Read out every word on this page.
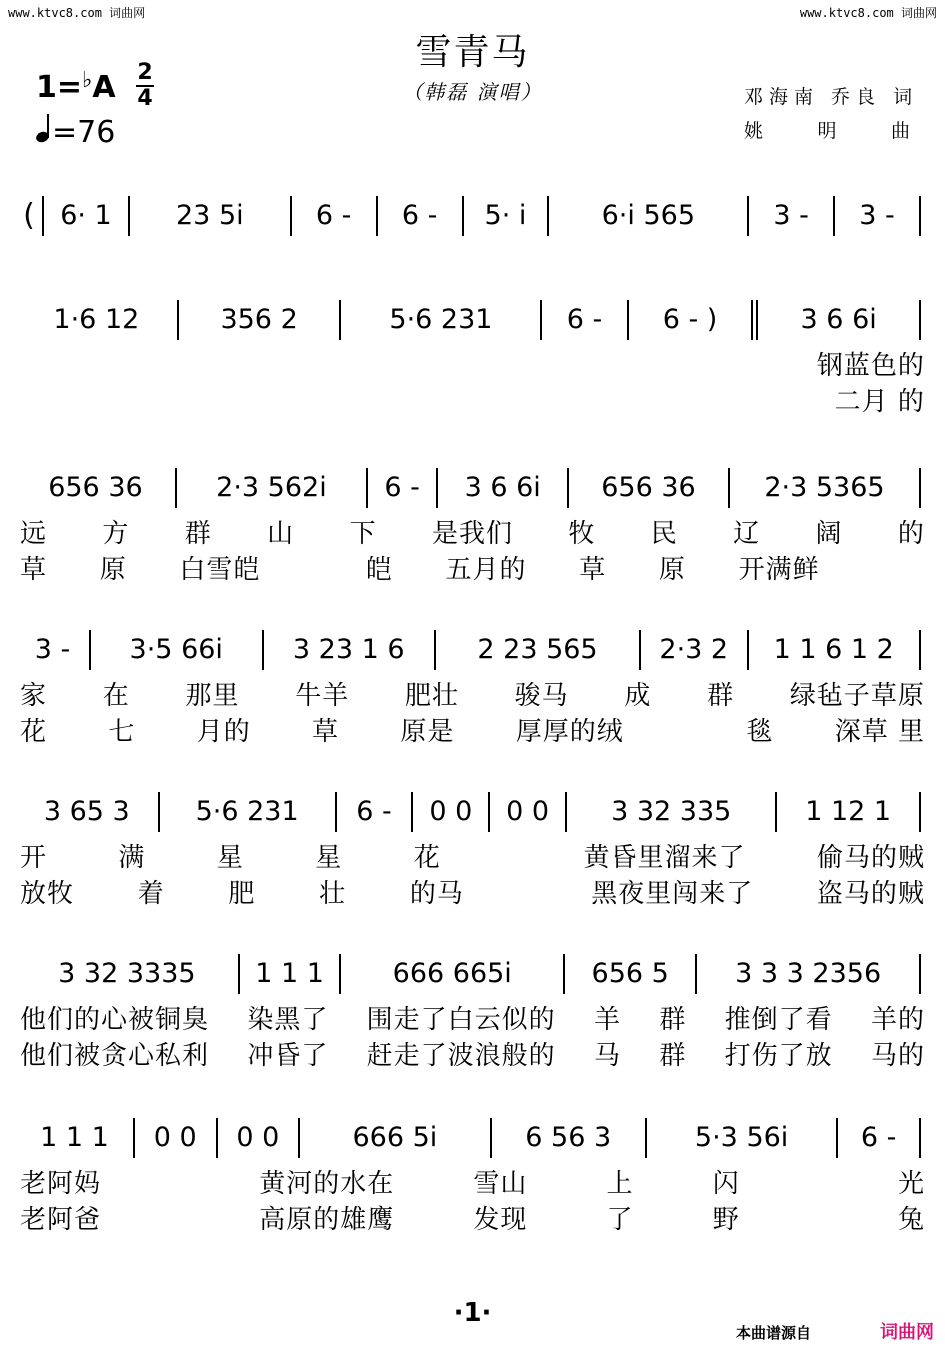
www.ktvc8.com 词曲网	www.ktvc8.com 词曲网
雪青马
（韩磊 演唱）
1=♭A 2
4
=76
邓海南 乔良 词
姚	明	曲
( 6· 1	23 5i	6 -	6 -	5· i	6·i 565	3 -	3 -
1·6 12	356 2	5·6 231	6 -	6 - )	3 6 6i
钢蓝色的
二月 的
656 36	2·3 562i	6 -	3 6 6i	656 36	2·3 5365
远 方 群 山 下 是我们 牧 民 辽 阔 的
草 原 白雪皑	皑 五月的 草 原 开满鲜
3 -	3·5 66i	3 23 1 6	2 23 565	2·3 2	1 1 6 1 2
家 在 那里 牛羊 肥壮 骏马 成 群 绿毡子草原
花 七 月的 草 原是 厚厚的绒	毯 深草 里
3 65 3	5·6 231	6 -	0 0	0 0	3 32 335	1 12 1
开	满	星	星	花	黄昏里溜来了	偷马的贼
放牧 着 肥 壮 的马	黑夜里闯来了 盗马的贼
3 32 3335	1 1 1	666 665i	656 5	3 3 3 2356
他们的心被铜臭 染黑了 围走了白云似的 羊 群 推倒了看 羊的
他们被贪心私利 冲昏了 赶走了波浪般的 马 群 打伤了放 马的
1 1 1	0 0	0 0	666 5i	6 56 3	5·3 56i	6 -
老阿妈	黄河的水在	雪山	上	闪	光
老阿爸	高原的雄鹰	发现	了	野	兔
·1·
本曲谱源自	词曲网
